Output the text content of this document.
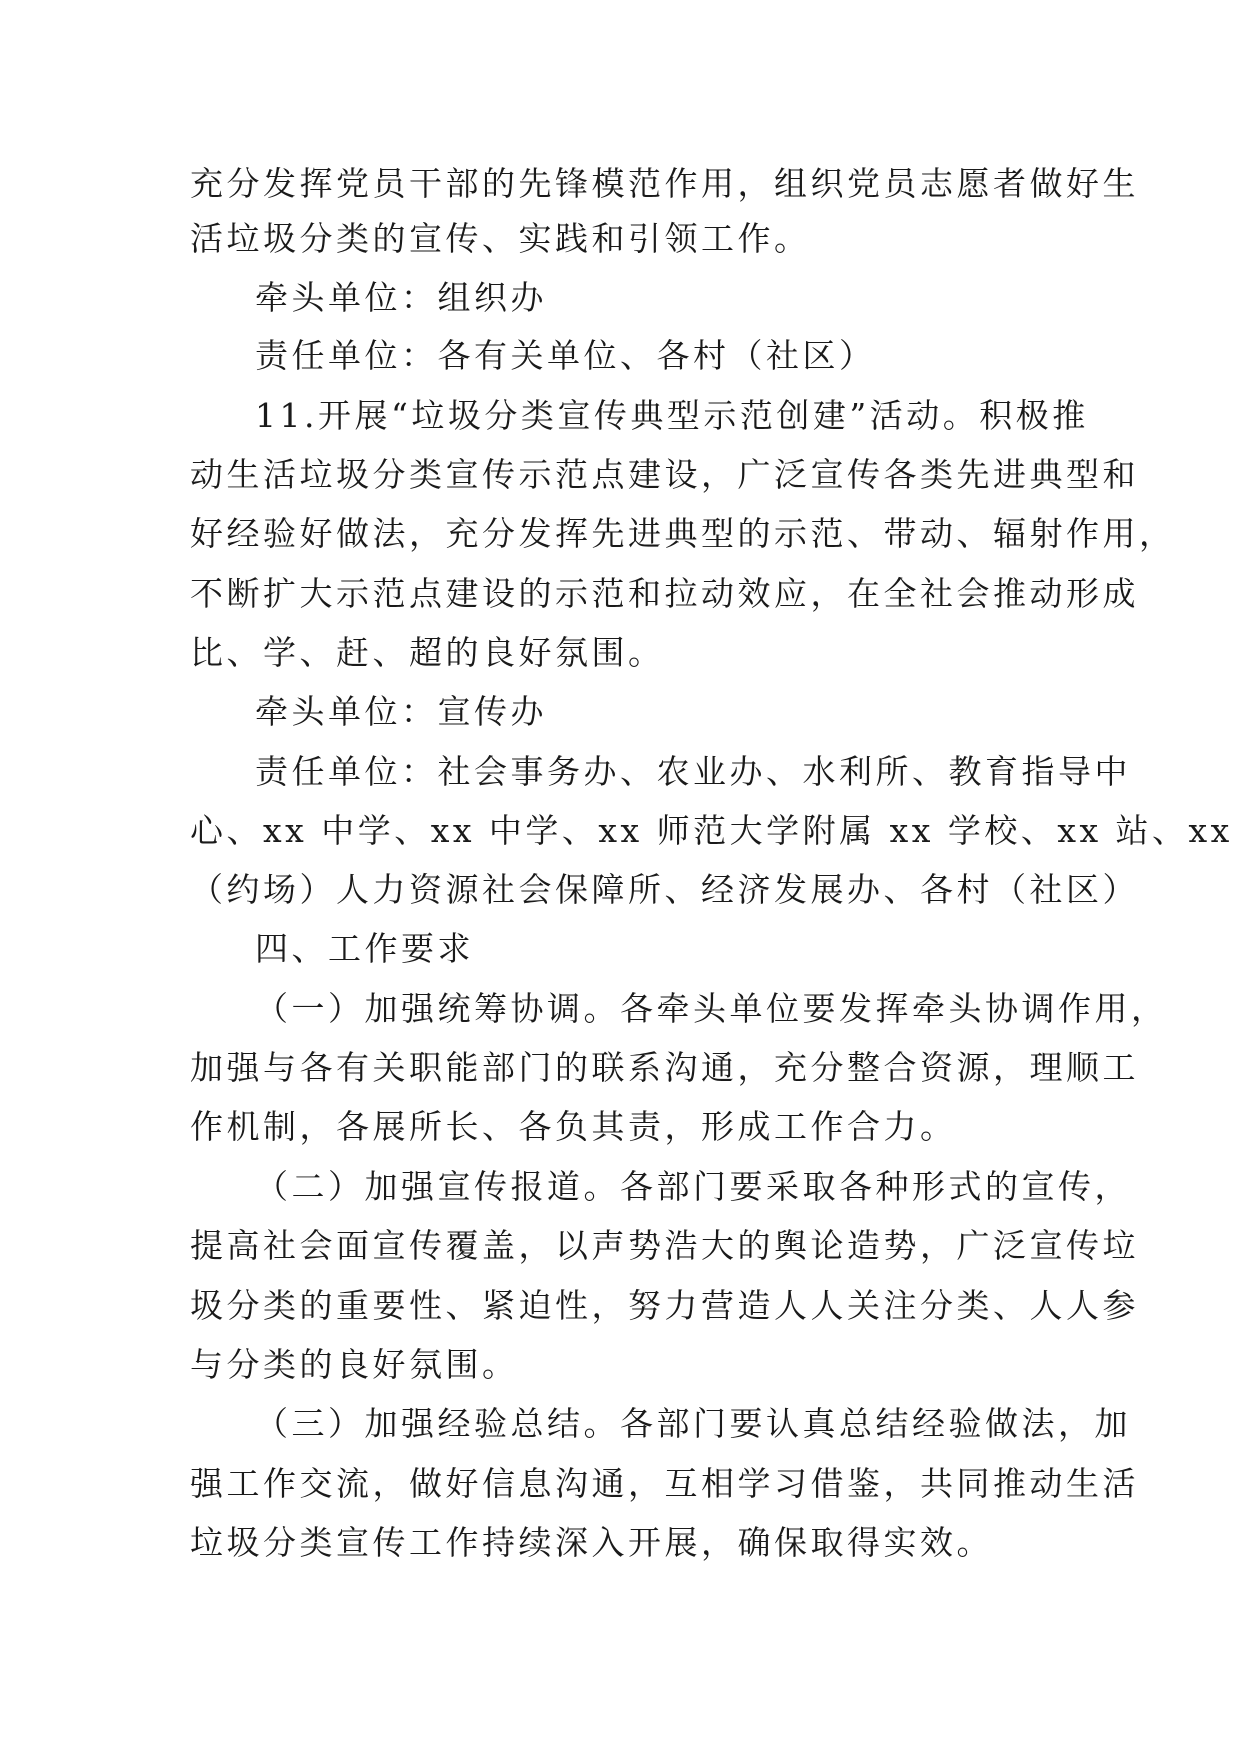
充分发挥党员干部的先锋模范作用，组织党员志愿者做好生
活垃圾分类的宣传、实践和引领工作。
牵头单位：组织办
责任单位：各有关单位、各村（社区）
11.开展“垃圾分类宣传典型示范创建”活动。积极推
动生活垃圾分类宣传示范点建设，广泛宣传各类先进典型和
好经验好做法，充分发挥先进典型的示范、带动、辐射作用，
不断扩大示范点建设的示范和拉动效应，在全社会推动形成
比、学、赶、超的良好氛围。
牵头单位：宣传办
责任单位：社会事务办、农业办、水利所、教育指导中
心、xx 中学、xx 中学、xx 师范大学附属 xx 学校、xx 站、xx
（约场）人力资源社会保障所、经济发展办、各村（社区）
四、工作要求
（一）加强统筹协调。各牵头单位要发挥牵头协调作用，
加强与各有关职能部门的联系沟通，充分整合资源，理顺工
作机制，各展所长、各负其责，形成工作合力。
（二）加强宣传报道。各部门要采取各种形式的宣传，
提高社会面宣传覆盖，以声势浩大的舆论造势，广泛宣传垃
圾分类的重要性、紧迫性，努力营造人人关注分类、人人参
与分类的良好氛围。
（三）加强经验总结。各部门要认真总结经验做法，加
强工作交流，做好信息沟通，互相学习借鉴，共同推动生活
垃圾分类宣传工作持续深入开展，确保取得实效。
